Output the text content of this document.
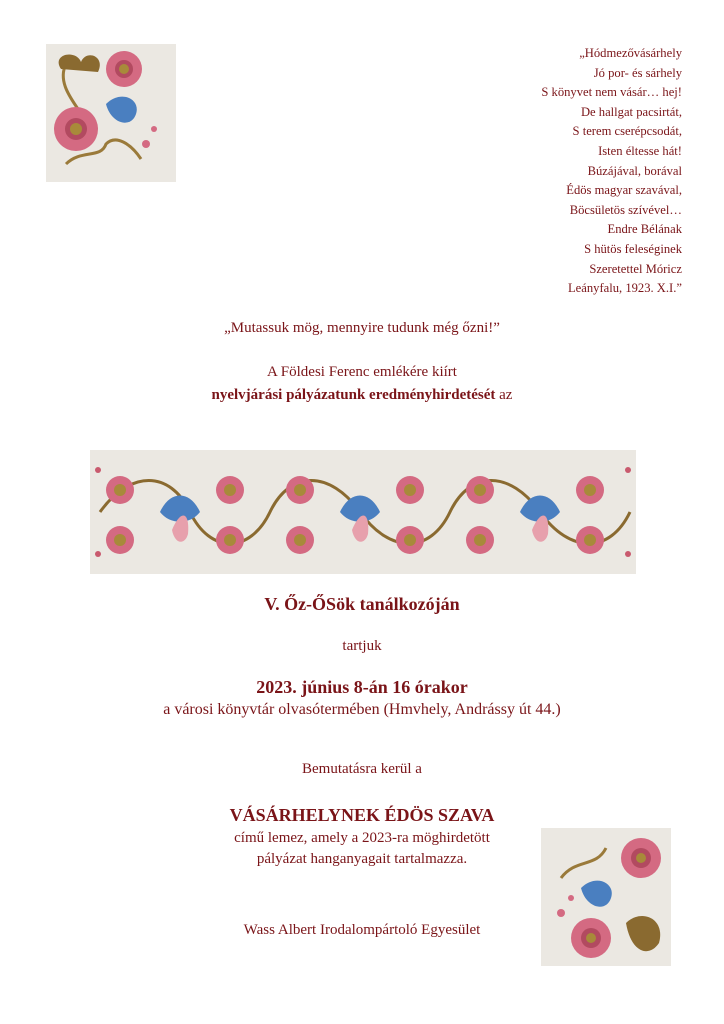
„Hódmezővásárhely
Jó por- és sárhely
S könyvet nem vásár… hej!
De hallgat pacsirtát,
S terem cserépcsodát,
Isten éltesse hát!
Búzájával, borával
Édös magyar szavával,
Böcsületös szívével…
Endre Bélának
S hütös feleséginek
Szeretettel Móricz
Leányfalu, 1923. X.I.”
„Mutassuk mög, mennyire tudunk még őzni!”
A Földesi Ferenc emlékére kiírt
nyelvjárási pályázatunk eredményhirdetését az
V. Őz-ŐSök tanálkozóján
tartjuk
2023. június 8-án 16 órakor
a városi könyvtár olvasótermében (Hmvhely, Andrássy út 44.)
Bemutatásra kerül a
VÁSÁRHELYNEK ÉDÖS SZAVA
című lemez, amely a 2023-ra möghirdetött
pályázat hanganyagait tartalmazza.
Wass Albert Irodalompártoló Egyesület
